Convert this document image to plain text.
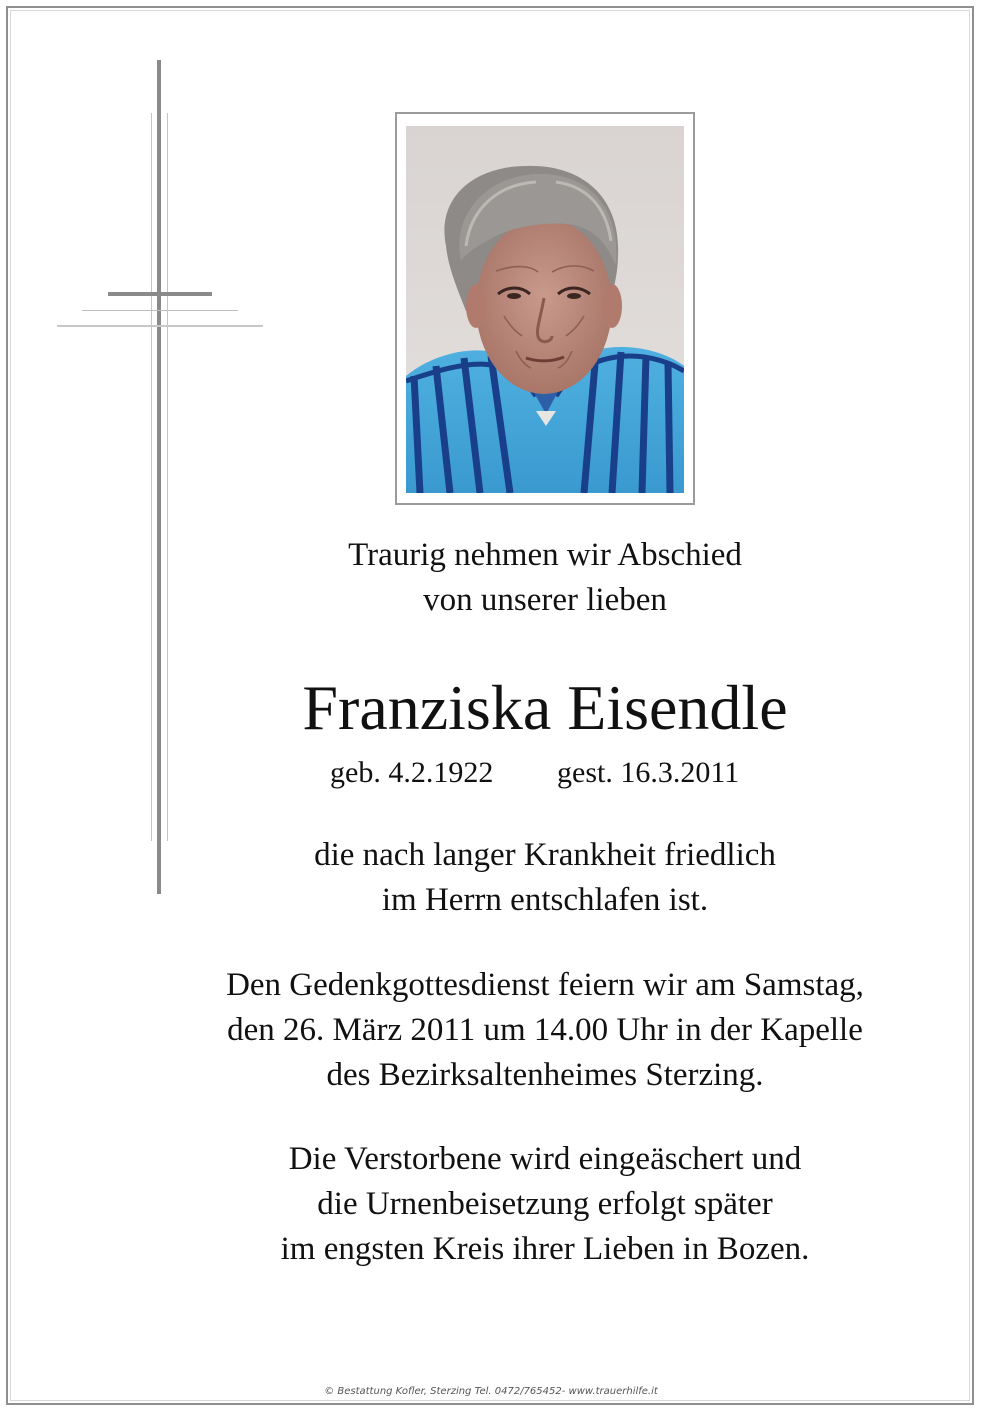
Traurig nehmen wir Abschied
von unserer lieben
Franziska Eisendle
geb. 4.2.1922 gest. 16.3.2011
die nach langer Krankheit friedlich
im Herrn entschlafen ist.
Den Gedenkgottesdienst feiern wir am Samstag,
den 26. März 2011 um 14.00 Uhr in der Kapelle
des Bezirksaltenheimes Sterzing.
Die Verstorbene wird eingeäschert und
die Urnenbeisetzung erfolgt später
im engsten Kreis ihrer Lieben in Bozen.
© Bestattung Kofler, Sterzing Tel. 0472/765452- www.trauerhilfe.it
